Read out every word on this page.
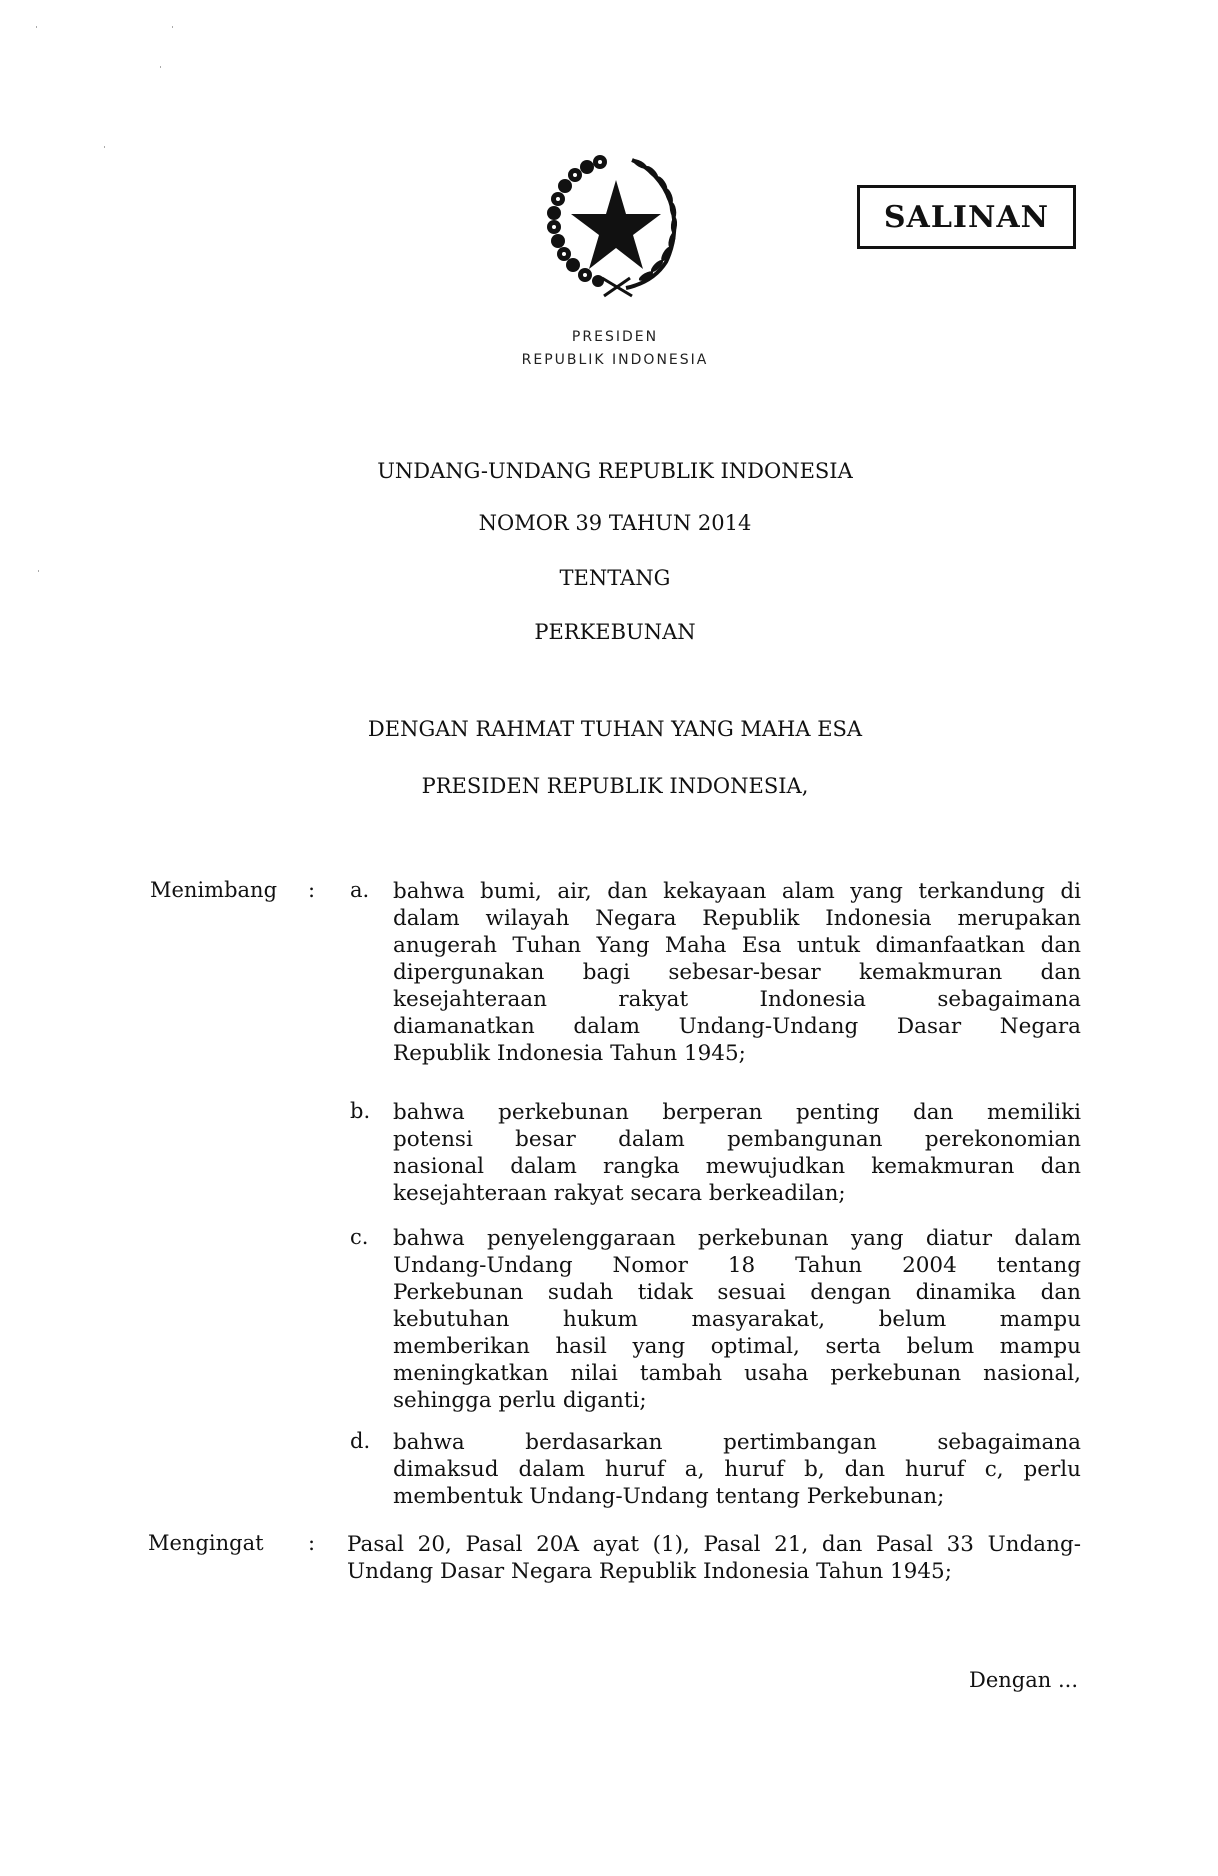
SALINAN
PRESIDEN
REPUBLIK INDONESIA
UNDANG-UNDANG REPUBLIK INDONESIA
NOMOR 39 TAHUN 2014
TENTANG
PERKEBUNAN
DENGAN RAHMAT TUHAN YANG MAHA ESA
PRESIDEN REPUBLIK INDONESIA,
Menimbang : a. bahwa bumi, air, dan kekayaan alam yang terkandung di
dalam wilayah Negara Republik Indonesia merupakan
anugerah Tuhan Yang Maha Esa untuk dimanfaatkan dan
dipergunakan bagi sebesar-besar kemakmuran dan
kesejahteraan rakyat Indonesia sebagaimana
diamanatkan dalam Undang-Undang Dasar Negara
Republik Indonesia Tahun 1945;
b. bahwa perkebunan berperan penting dan memiliki
potensi besar dalam pembangunan perekonomian
nasional dalam rangka mewujudkan kemakmuran dan
kesejahteraan rakyat secara berkeadilan;
c. bahwa penyelenggaraan perkebunan yang diatur dalam
Undang-Undang Nomor 18 Tahun 2004 tentang
Perkebunan sudah tidak sesuai dengan dinamika dan
kebutuhan hukum masyarakat, belum mampu
memberikan hasil yang optimal, serta belum mampu
meningkatkan nilai tambah usaha perkebunan nasional,
sehingga perlu diganti;
d. bahwa berdasarkan pertimbangan sebagaimana
dimaksud dalam huruf a, huruf b, dan huruf c, perlu
membentuk Undang-Undang tentang Perkebunan;
Mengingat : Pasal 20, Pasal 20A ayat (1), Pasal 21, dan Pasal 33 Undang-
Undang Dasar Negara Republik Indonesia Tahun 1945;
Dengan ...
